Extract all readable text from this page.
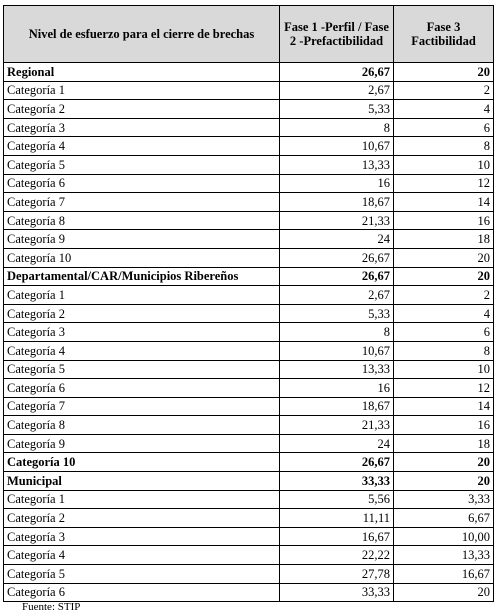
Nivel de esfuerzo para el cierre de brechas	Fase 1 -Perfil / Fase 2 -Prefactibilidad	Fase 3 Factibilidad
Regional	26,67	20
Categoría 1	2,67	2
Categoría 2	5,33	4
Categoría 3	8	6
Categoría 4	10,67	8
Categoría 5	13,33	10
Categoría 6	16	12
Categoría 7	18,67	14
Categoría 8	21,33	16
Categoría 9	24	18
Categoría 10	26,67	20
Departamental/CAR/Municipios Ribereños	26,67	20
Categoría 1	2,67	2
Categoría 2	5,33	4
Categoría 3	8	6
Categoría 4	10,67	8
Categoría 5	13,33	10
Categoría 6	16	12
Categoría 7	18,67	14
Categoría 8	21,33	16
Categoría 9	24	18
Categoría 10	26,67	20
Municipal	33,33	20
Categoría 1	5,56	3,33
Categoría 2	11,11	6,67
Categoría 3	16,67	10,00
Categoría 4	22,22	13,33
Categoría 5	27,78	16,67
Categoría 6	33,33	20
Fuente: STIP
